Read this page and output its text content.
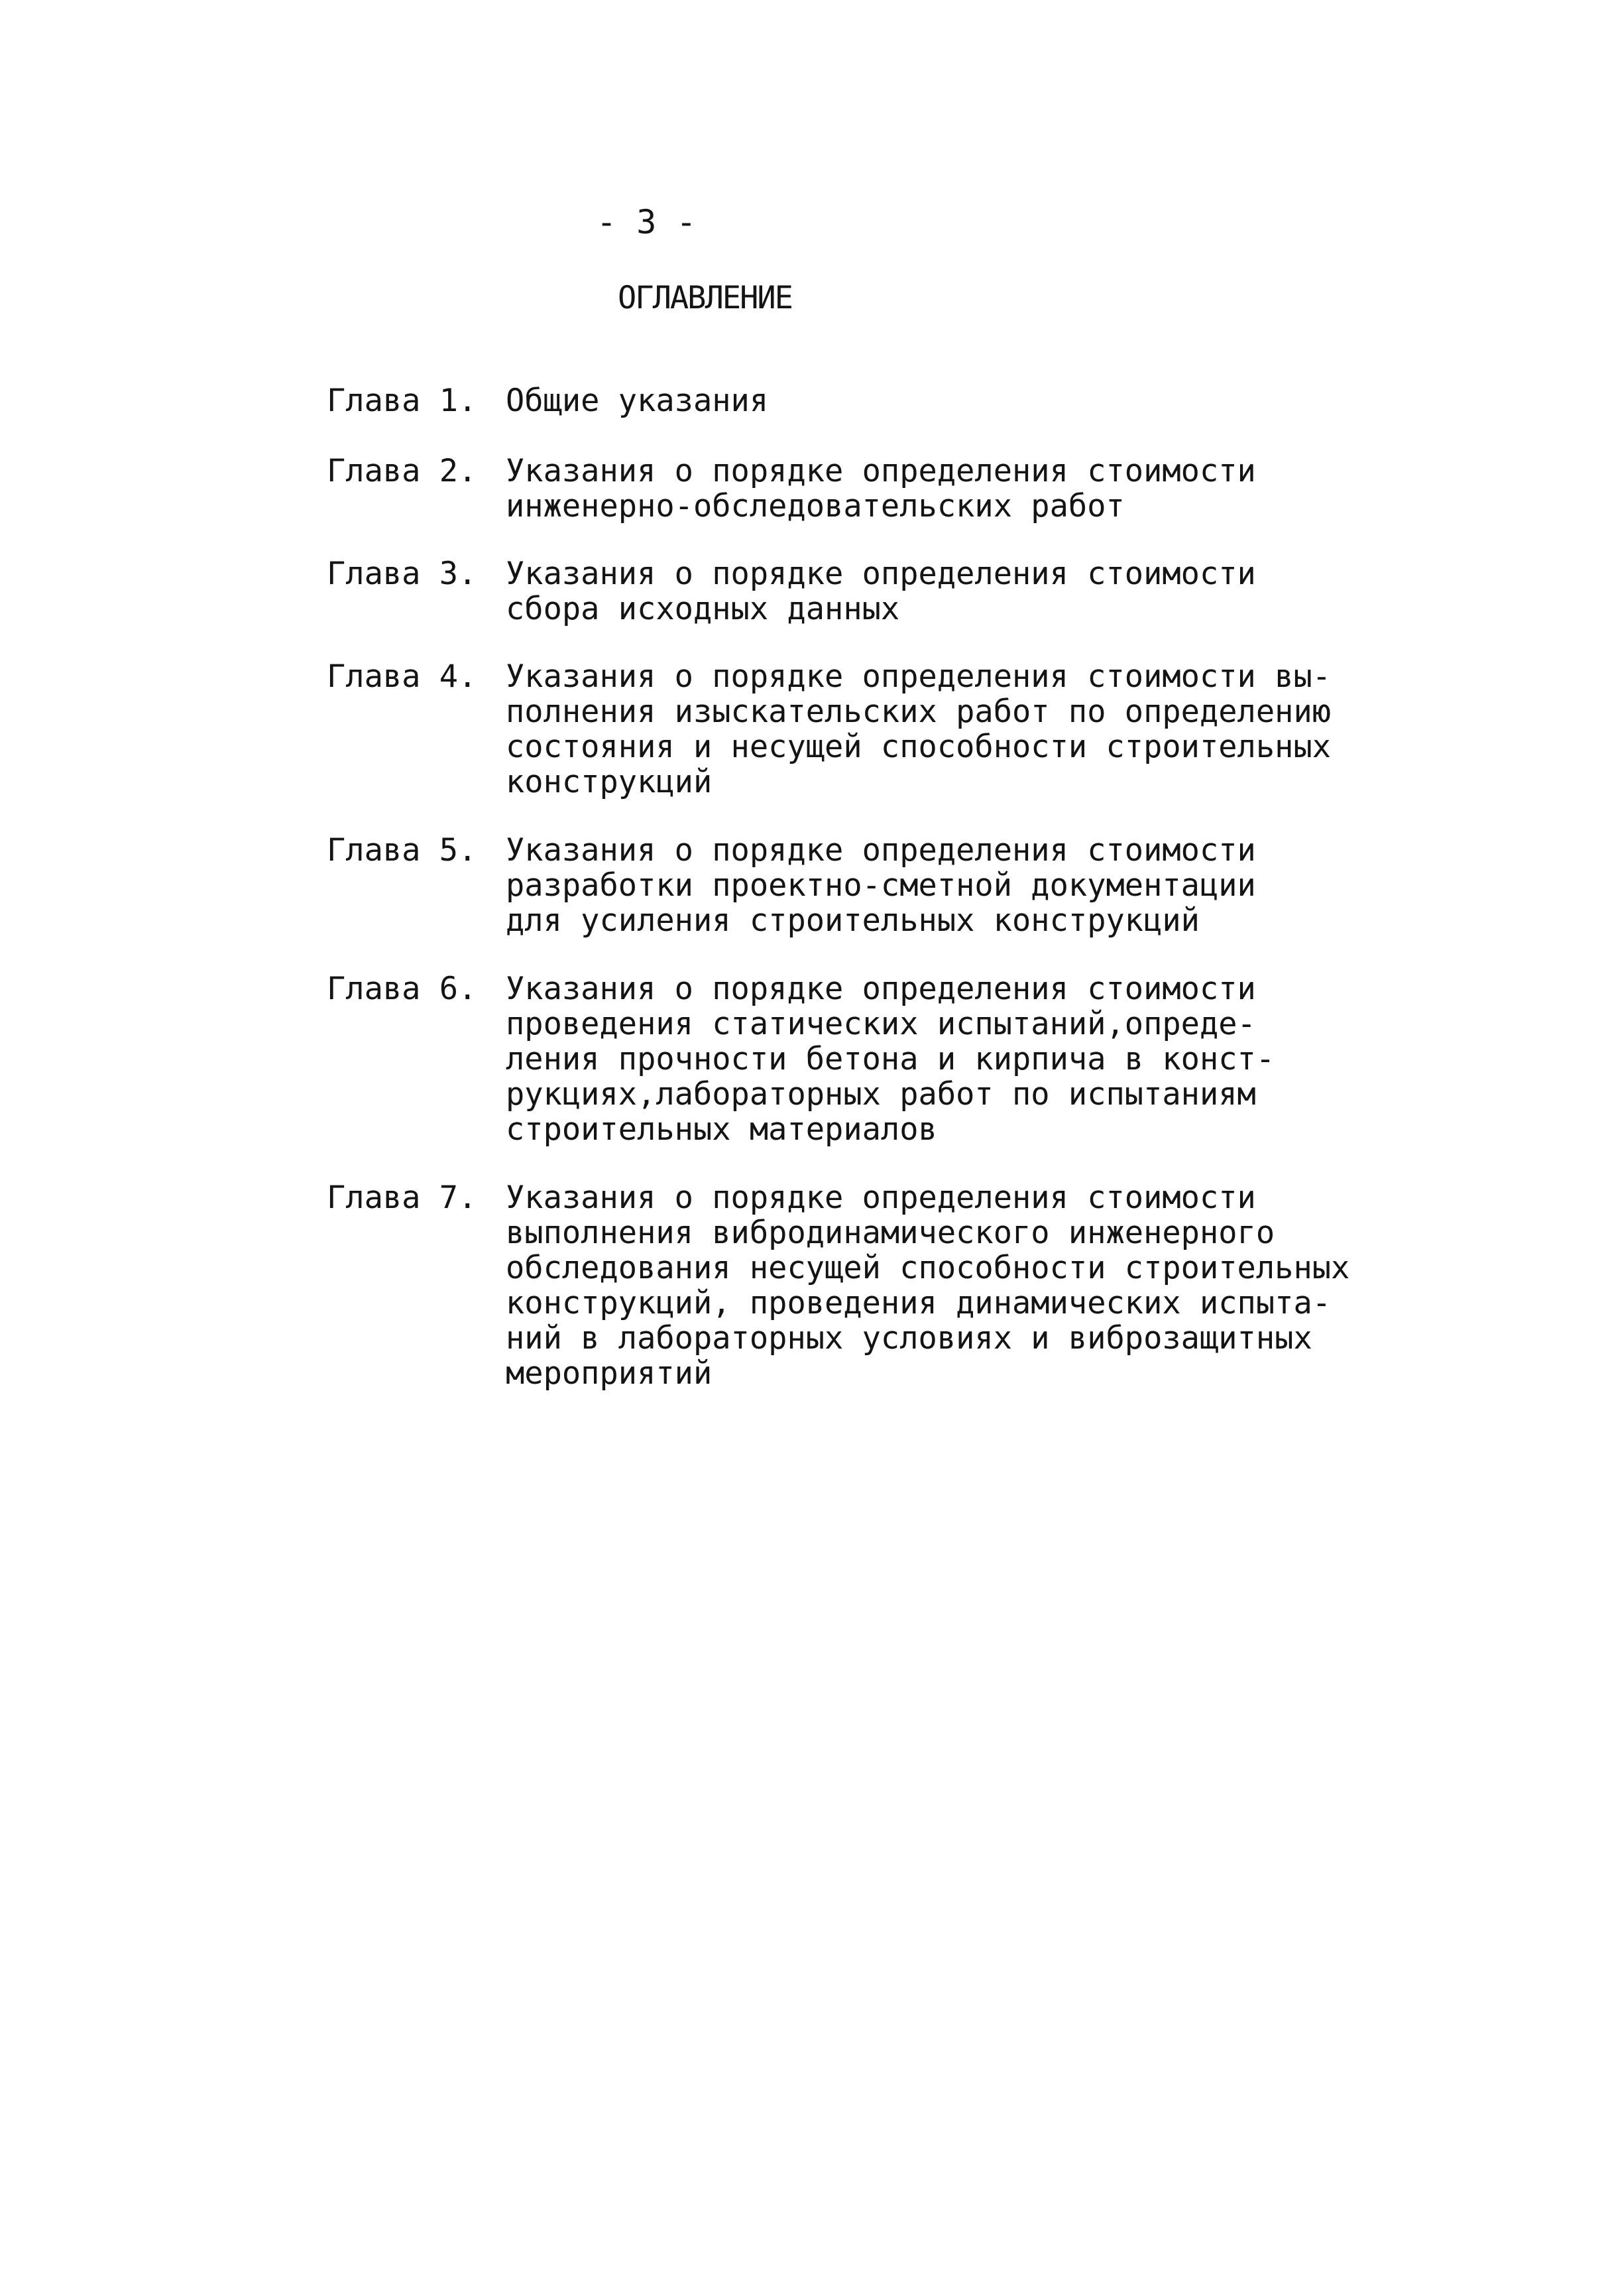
- 3 -
ОГЛАВЛЕНИЕ
Глава 1. Общие указания
Глава 2. Указания о порядке определения стоимости
инженерно-обследовательских работ
Глава 3. Указания о порядке определения стоимости
сбора исходных данных
Глава 4. Указания о порядке определения стоимости вы-
полнения изыскательских работ по определению
состояния и несущей способности строительных
конструкций
Глава 5. Указания о порядке определения стоимости
разработки проектно-сметной документации
для усиления строительных конструкций
Глава 6. Указания о порядке определения стоимости
проведения статических испытаний,опреде-
ления прочности бетона и кирпича в конст-
рукциях,лабораторных работ по испытаниям
строительных материалов
Глава 7. Указания о порядке определения стоимости
выполнения вибродинамического инженерного
обследования несущей способности строительных
конструкций, проведения динамических испыта-
ний в лабораторных условиях и виброзащитных
мероприятий
